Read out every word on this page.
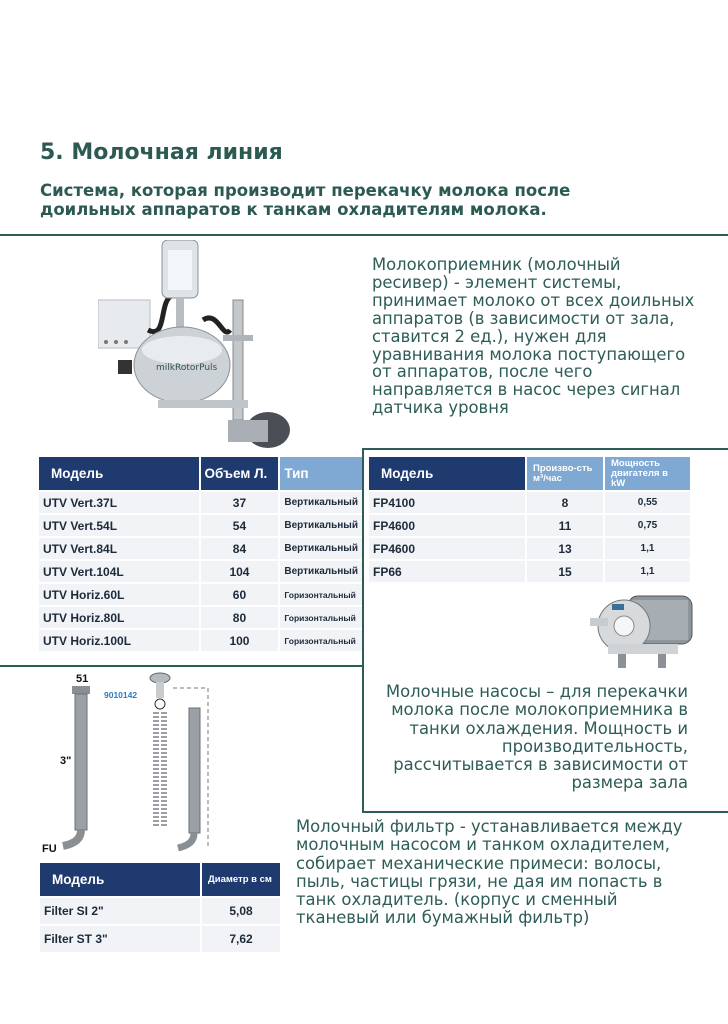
5. Молочная линия
Система, которая производит перекачку молока после доильных аппаратов к танкам охладителям молока.
milkRotorPuls
Молокоприемник (молочный ресивер) - элемент системы, принимает молоко от всех доильных аппаратов (в зависимости от зала, ставится 2 ед.), нужен для уравнивания молока поступающего от аппаратов, после чего направляется в насос через сигнал датчика уровня
Модель	Объем Л.	Тип
UTV Vert.37L	37	Вертикальный
UTV Vert.54L	54	Вертикальный
UTV Vert.84L	84	Вертикальный
UTV Vert.104L	104	Вертикальный
UTV Horiz.60L	60	Горизонтальный
UTV Horiz.80L	80	Горизонтальный
UTV Horiz.100L	100	Горизонтальный
Модель	Произво-сть м³/час	Мощность двигателя в kW
FP4100	8	0,55
FP4600	11	0,75
FP4600	13	1,1
FP66	15	1,1
Молочные насосы – для перекачки молока после молокоприемника в танки охлаждения. Мощность и производительность, рассчитывается в зависимости от размера зала
51
3"
FU
9010142
Модель	Диаметр в см
Filter SI 2"	5,08
Filter ST 3"	7,62
Молочный фильтр - устанавливается между молочным насосом и танком охладителем, собирает механические примеси: волосы, пыль, частицы грязи, не дая им попасть в танк охладитель. (корпус и сменный тканевый или бумажный фильтр)
